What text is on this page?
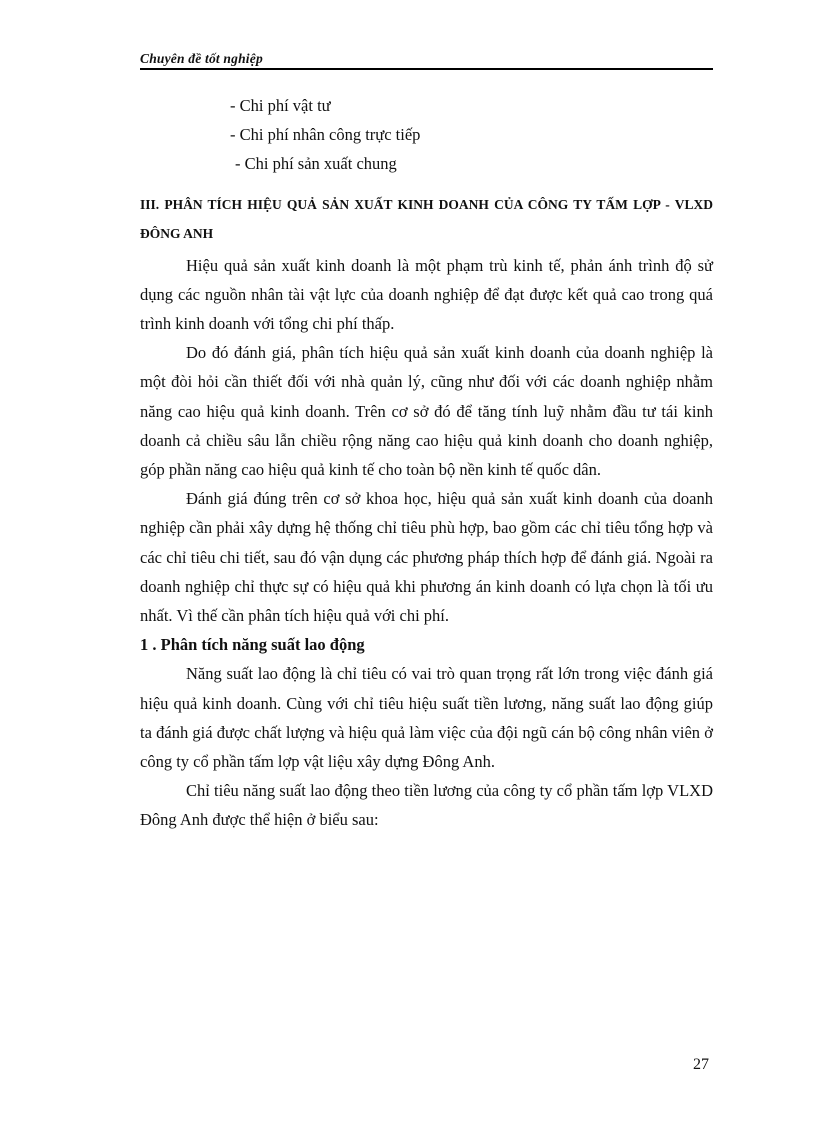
Chuyên đề tốt nghiệp

- Chi phí vật tư

- Chi phí nhân công trực tiếp

- Chi phí sản xuất chung

III. PHÂN TÍCH HIỆU QUẢ SẢN XUẤT KINH DOANH CỦA CÔNG TY TẤM LỢP - VLXD ĐÔNG ANH

Hiệu quả sản xuất kinh doanh là một phạm trù kinh tế, phản ánh trình độ sử dụng các nguồn nhân tài vật lực của doanh nghiệp để đạt được kết quả cao trong quá trình kinh doanh với tổng chi phí thấp.

Do đó đánh giá, phân tích hiệu quả sản xuất kinh doanh của doanh nghiệp là một đòi hỏi cần thiết đối với nhà quản lý, cũng như đối với các doanh nghiệp nhằm năng cao hiệu quả kinh doanh. Trên cơ sở đó để tăng tính luỹ nhằm đầu tư tái kinh doanh cả chiều sâu lẫn chiều rộng năng cao hiệu quả kinh doanh cho doanh nghiệp, góp phần năng cao hiệu quả kinh tế cho toàn bộ nền kinh tế quốc dân.

Đánh giá đúng trên cơ sở khoa học, hiệu quả sản xuất kinh doanh của doanh nghiệp cần phải xây dựng hệ thống chỉ tiêu phù hợp, bao gồm các chỉ tiêu tổng hợp và các chỉ tiêu chi tiết, sau đó vận dụng các phương pháp thích hợp để đánh giá. Ngoài ra doanh nghiệp chỉ thực sự có hiệu quả khi phương án kinh doanh có lựa chọn là tối ưu nhất. Vì thế cần phân tích hiệu quả với chi phí.

1 . Phân tích năng suất lao động

Năng suất lao động là chỉ tiêu có vai trò quan trọng rất lớn trong việc đánh giá hiệu quả kinh doanh. Cùng với chỉ tiêu hiệu suất tiền lương, năng suất lao động giúp ta đánh giá được chất lượng và hiệu quả làm việc của đội ngũ cán bộ công nhân viên ở công ty cổ phần tấm lợp vật liệu xây dựng Đông Anh.

Chỉ tiêu năng suất lao động theo tiền lương của công ty cổ phần tấm lợp VLXD Đông Anh được thể hiện ở biểu sau:

27
